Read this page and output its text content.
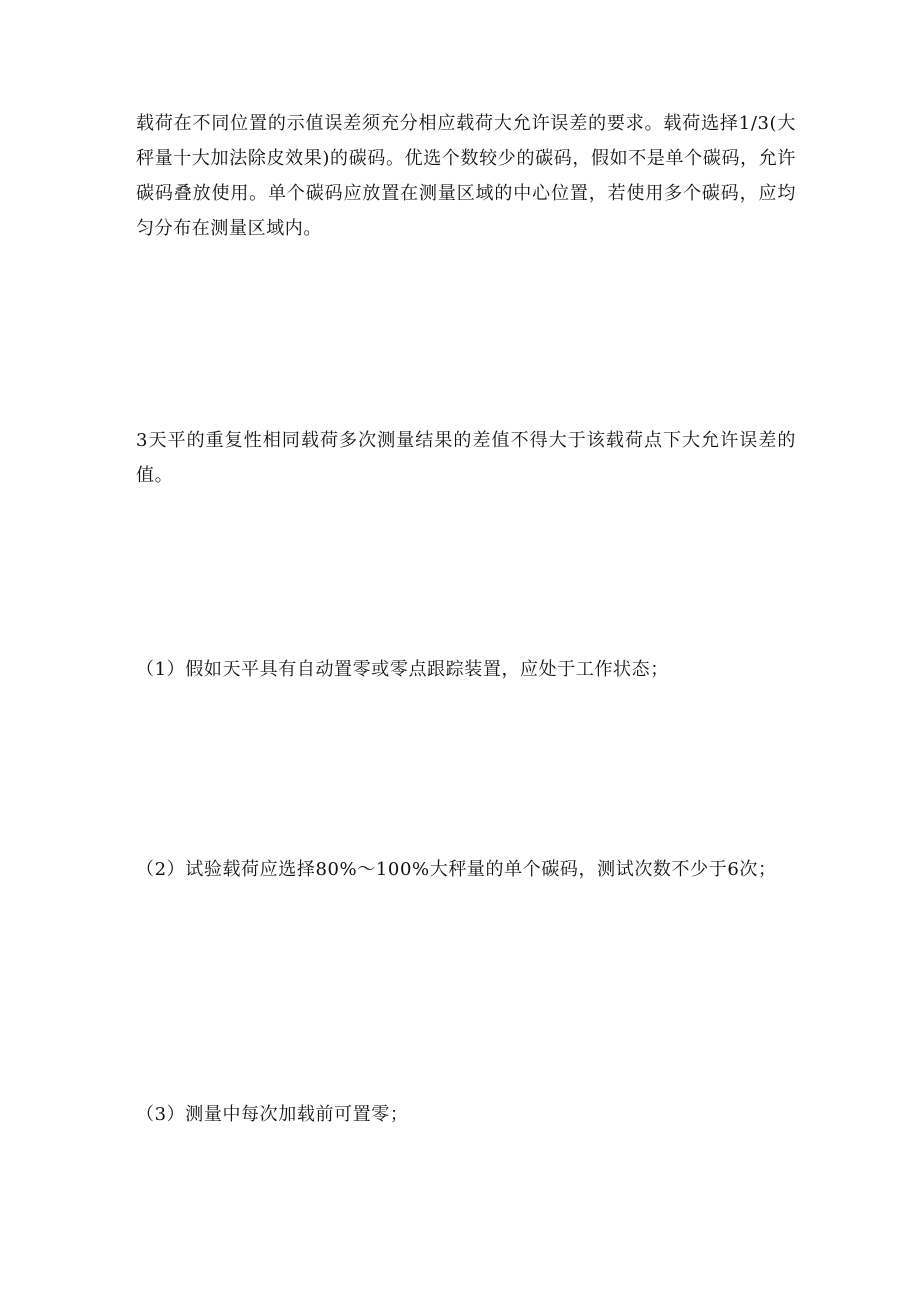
载荷在不同位置的示值误差须充分相应载荷大允许误差的要求。载荷选择1/3(大秤量十大加法除皮效果)的碳码。优选个数较少的碳码，假如不是单个碳码，允许碳码叠放使用。单个碳码应放置在测量区域的中心位置，若使用多个碳码，应均匀分布在测量区域内。

3天平的重复性相同载荷多次测量结果的差值不得大于该载荷点下大允许误差的值。

（1）假如天平具有自动置零或零点跟踪装置，应处于工作状态；

（2）试验载荷应选择80%～100%大秤量的单个碳码，测试次数不少于6次；

（3）测量中每次加载前可置零；
